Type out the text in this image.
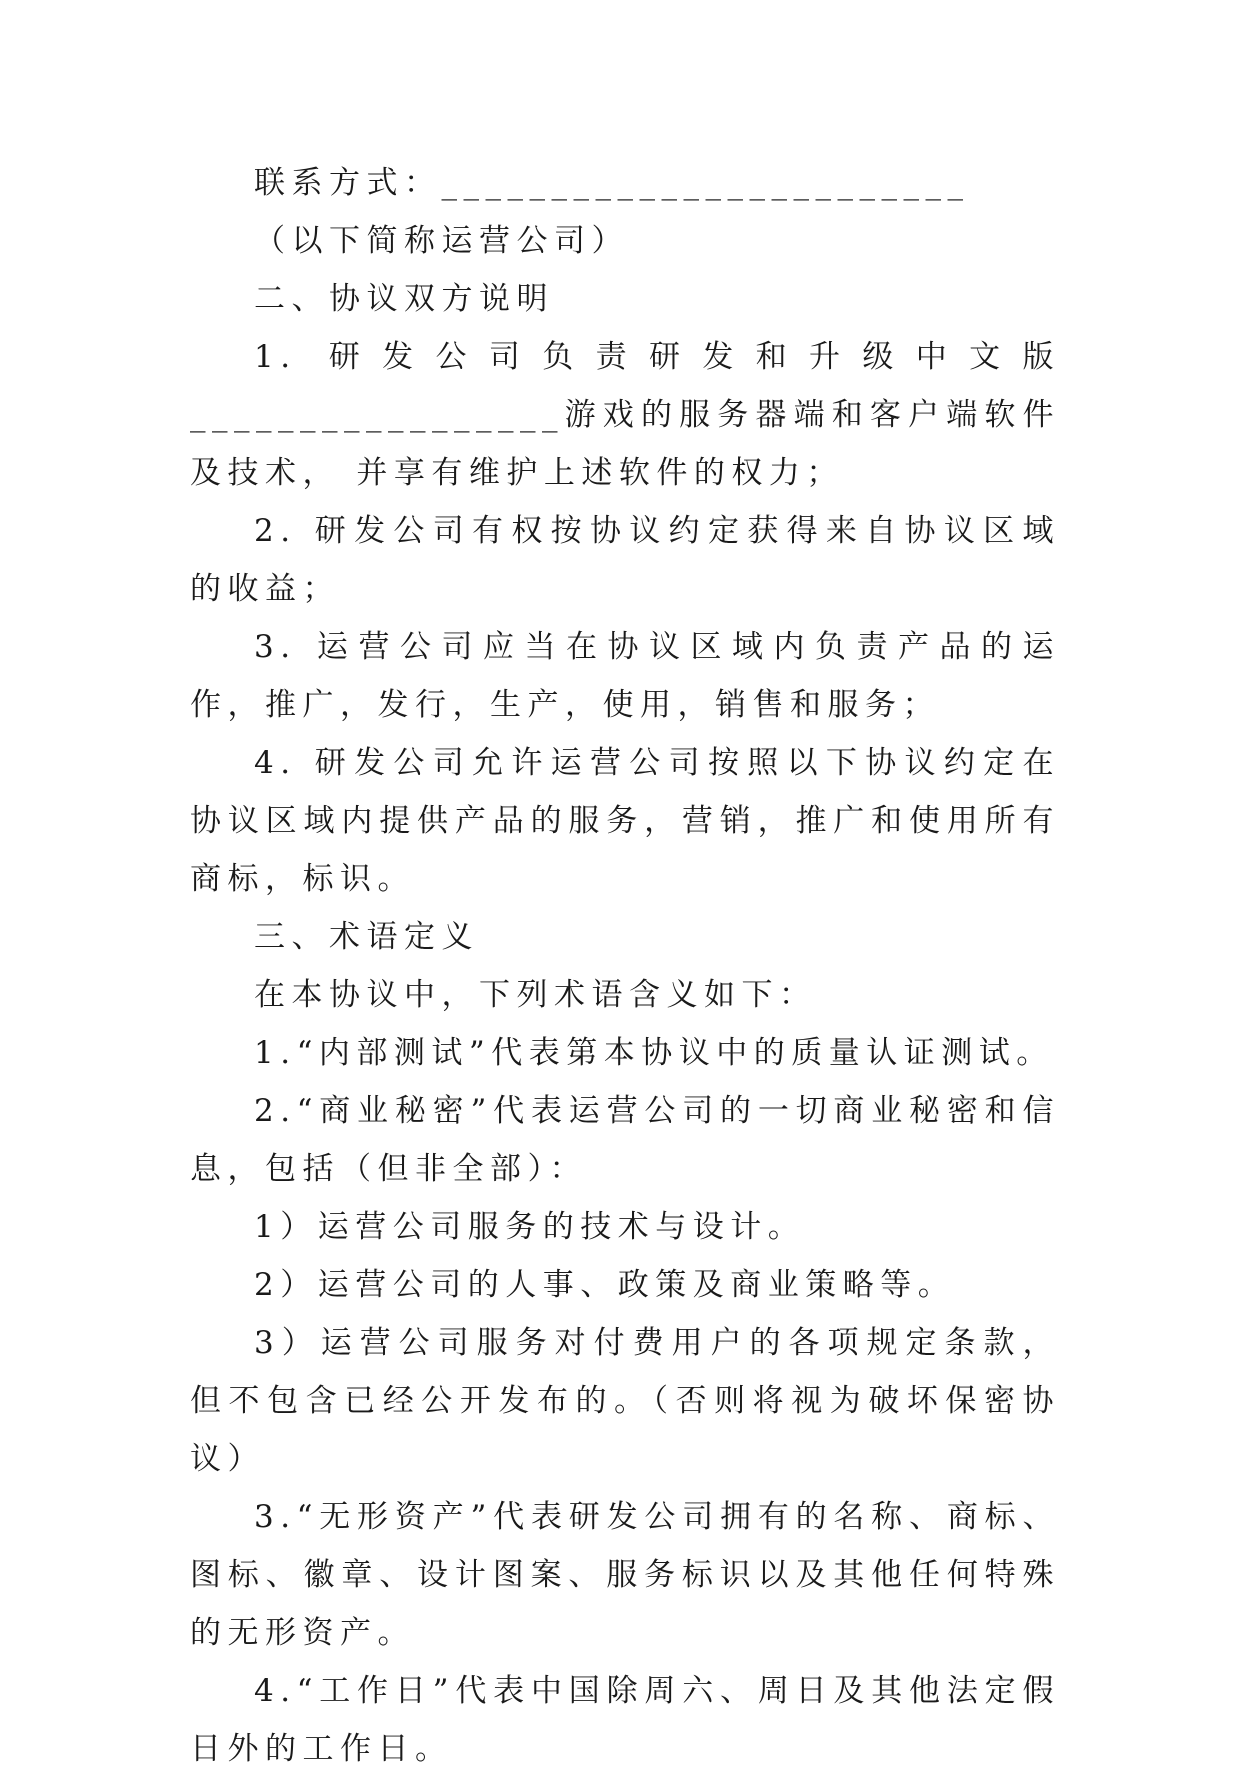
联系方式：________________________

（以下简称运营公司）

二、协议双方说明

1. 研发公司负责研发和升级中文版_________________游戏的服务器端和客户端软件及技术， 并享有维护上述软件的权力；

2. 研发公司有权按协议约定获得来自协议区域的收益；

3. 运营公司应当在协议区域内负责产品的运作，推广，发行，生产，使用，销售和服务；

4. 研发公司允许运营公司按照以下协议约定在协议区域内提供产品的服务，营销，推广和使用所有商标，标识。

三、术语定义

在本协议中，下列术语含义如下：

1.“内部测试”代表第本协议中的质量认证测试。

2.“商业秘密”代表运营公司的一切商业秘密和信息，包括（但非全部）：

1）运营公司服务的技术与设计。

2）运营公司的人事、政策及商业策略等。

3）运营公司服务对付费用户的各项规定条款，但不包含已经公开发布的。（否则将视为破坏保密协议）

3.“无形资产”代表研发公司拥有的名称、商标、图标、徽章、设计图案、服务标识以及其他任何特殊的无形资产。

4.“工作日”代表中国除周六、周日及其他法定假日外的工作日。
